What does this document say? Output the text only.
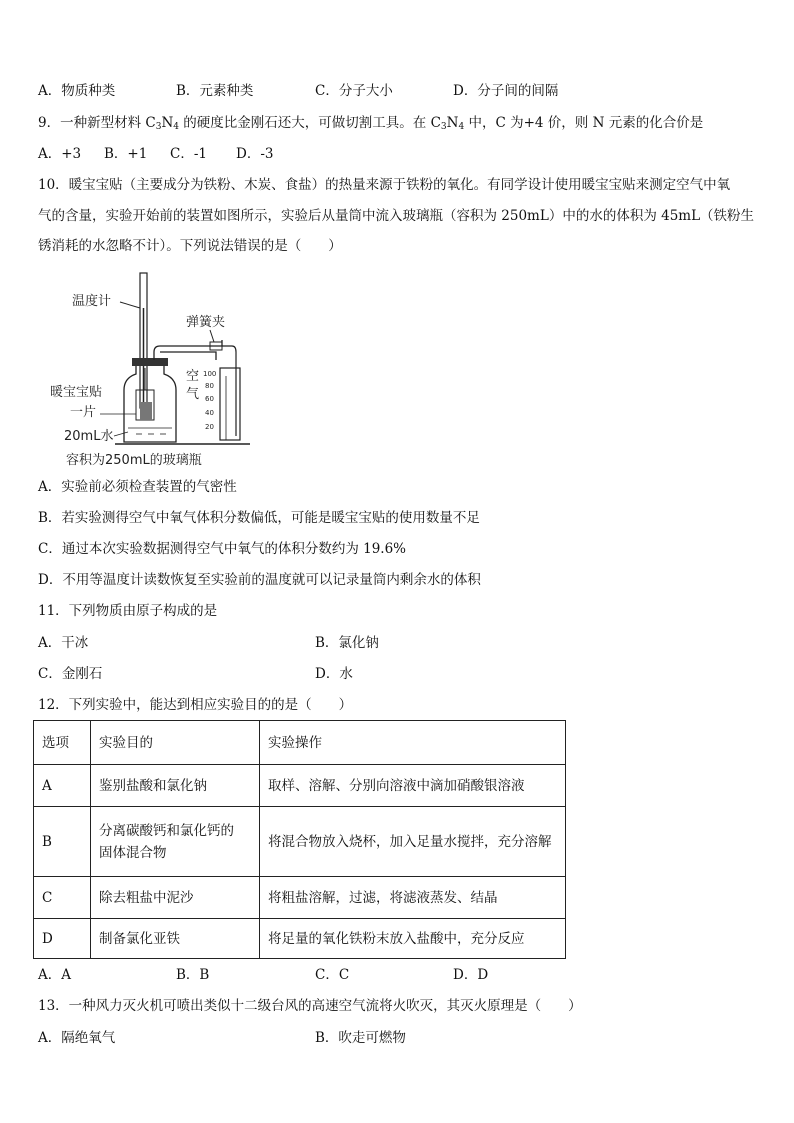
A．物质种类	B．元素种类	C．分子大小	D．分子间的间隔
9．一种新型材料 $C_3N_4$ 的硬度比金刚石还大，可做切割工具。在 $C_3N_4$ 中，C 为+4 价，则 N 元素的化合价是
A．+3 B．+1 C．-1 D．-3
10．暖宝宝贴（主要成分为铁粉、木炭、食盐）的热量来源于铁粉的氧化。有同学设计使用暖宝宝贴来测定空气中氧
气的含量，实验开始前的装置如图所示，实验后从量筒中流入玻璃瓶（容积为 250mL）中的水的体积为 45mL（铁粉生
锈消耗的水忽略不计）。下列说法错误的是（　　）
温度计
弹簧夹
100
80
60
40
20
空
气
暖宝宝贴
一片
20mL水
容积为250mL的玻璃瓶
A．实验前必须检查装置的气密性
B．若实验测得空气中氧气体积分数偏低，可能是暖宝宝贴的使用数量不足
C．通过本次实验数据测得空气中氧气的体积分数约为 19.6%
D．不用等温度计读数恢复至实验前的温度就可以记录量筒内剩余水的体积
11．下列物质由原子构成的是
A．干冰	B．氯化钠
C．金刚石	D．水
12．下列实验中，能达到相应实验目的的是（　　）
选项	实验目的	实验操作
A	鉴别盐酸和氯化钠	取样、溶解、分别向溶液中滴加硝酸银溶液
B	分离碳酸钙和氯化钙的
固体混合物	将混合物放入烧杯，加入足量水搅拌，充分溶解
C	除去粗盐中泥沙	将粗盐溶解，过滤，将滤液蒸发、结晶
D	制备氯化亚铁	将足量的氧化铁粉末放入盐酸中，充分反应
A．A	B．B	C．C	D．D
13．一种风力灭火机可喷出类似十二级台风的高速空气流将火吹灭，其灭火原理是（　　）
A．隔绝氧气	B．吹走可燃物
